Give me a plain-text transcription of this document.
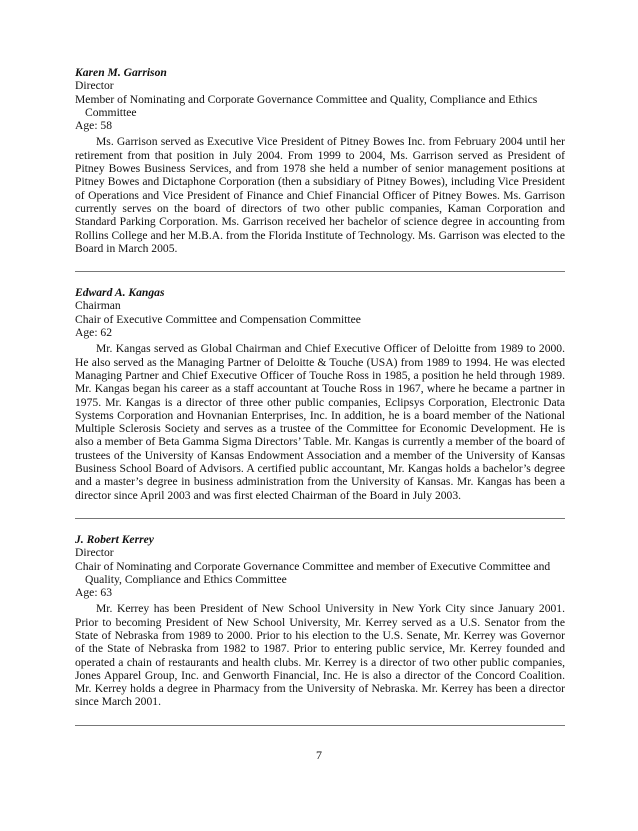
Karen M. Garrison

Director

Member of Nominating and Corporate Governance Committee and Quality, Compliance and Ethics Committee

Age: 58

Ms. Garrison served as Executive Vice President of Pitney Bowes Inc. from February 2004 until her retirement from that position in July 2004. From 1999 to 2004, Ms. Garrison served as President of Pitney Bowes Business Services, and from 1978 she held a number of senior management positions at Pitney Bowes and Dictaphone Corporation (then a subsidiary of Pitney Bowes), including Vice President of Operations and Vice President of Finance and Chief Financial Officer of Pitney Bowes. Ms. Garrison currently serves on the board of directors of two other public companies, Kaman Corporation and Standard Parking Corporation. Ms. Garrison received her bachelor of science degree in accounting from Rollins College and her M.B.A. from the Florida Institute of Technology. Ms. Garrison was elected to the Board in March 2005.

Edward A. Kangas

Chairman

Chair of Executive Committee and Compensation Committee

Age: 62

Mr. Kangas served as Global Chairman and Chief Executive Officer of Deloitte from 1989 to 2000. He also served as the Managing Partner of Deloitte & Touche (USA) from 1989 to 1994. He was elected Managing Partner and Chief Executive Officer of Touche Ross in 1985, a position he held through 1989. Mr. Kangas began his career as a staff accountant at Touche Ross in 1967, where he became a partner in 1975. Mr. Kangas is a director of three other public companies, Eclipsys Corporation, Electronic Data Systems Corporation and Hovnanian Enterprises, Inc. In addition, he is a board member of the National Multiple Sclerosis Society and serves as a trustee of the Committee for Economic Development. He is also a member of Beta Gamma Sigma Directors’ Table. Mr. Kangas is currently a member of the board of trustees of the University of Kansas Endowment Association and a member of the University of Kansas Business School Board of Advisors. A certified public accountant, Mr. Kangas holds a bachelor’s degree and a master’s degree in business administration from the University of Kansas. Mr. Kangas has been a director since April 2003 and was first elected Chairman of the Board in July 2003.

J. Robert Kerrey

Director

Chair of Nominating and Corporate Governance Committee and member of Executive Committee and Quality, Compliance and Ethics Committee

Age: 63

Mr. Kerrey has been President of New School University in New York City since January 2001. Prior to becoming President of New School University, Mr. Kerrey served as a U.S. Senator from the State of Nebraska from 1989 to 2000. Prior to his election to the U.S. Senate, Mr. Kerrey was Governor of the State of Nebraska from 1982 to 1987. Prior to entering public service, Mr. Kerrey founded and operated a chain of restaurants and health clubs. Mr. Kerrey is a director of two other public companies, Jones Apparel Group, Inc. and Genworth Financial, Inc. He is also a director of the Concord Coalition. Mr. Kerrey holds a degree in Pharmacy from the University of Nebraska. Mr. Kerrey has been a director since March 2001.

7
